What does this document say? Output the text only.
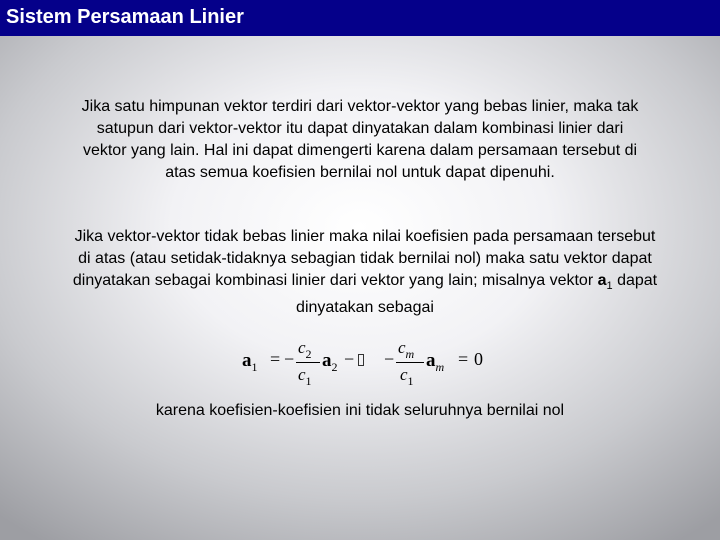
Sistem Persamaan Linier

Jika satu himpunan vektor terdiri dari vektor-vektor yang bebas linier, maka tak satupun dari vektor-vektor itu dapat dinyatakan dalam kombinasi linier dari vektor yang lain. Hal ini dapat dimengerti karena dalam persamaan tersebut di atas semua koefisien bernilai nol untuk dapat dipenuhi.

Jika vektor-vektor tidak bebas linier maka nilai koefisien pada persamaan tersebut di atas (atau setidak-tidaknya sebagian tidak bernilai nol) maka satu vektor dapat dinyatakan sebagai kombinasi linier dari vektor yang lain; misalnya vektor $a_1$ dapat dinyatakan sebagai

$a_1$ = −
$c_2$
$c_1$
$a_2$ − −
$c_m$
$c_1$
$a_m = 0$

karena koefisien-koefisien ini tidak seluruhnya bernilai nol
